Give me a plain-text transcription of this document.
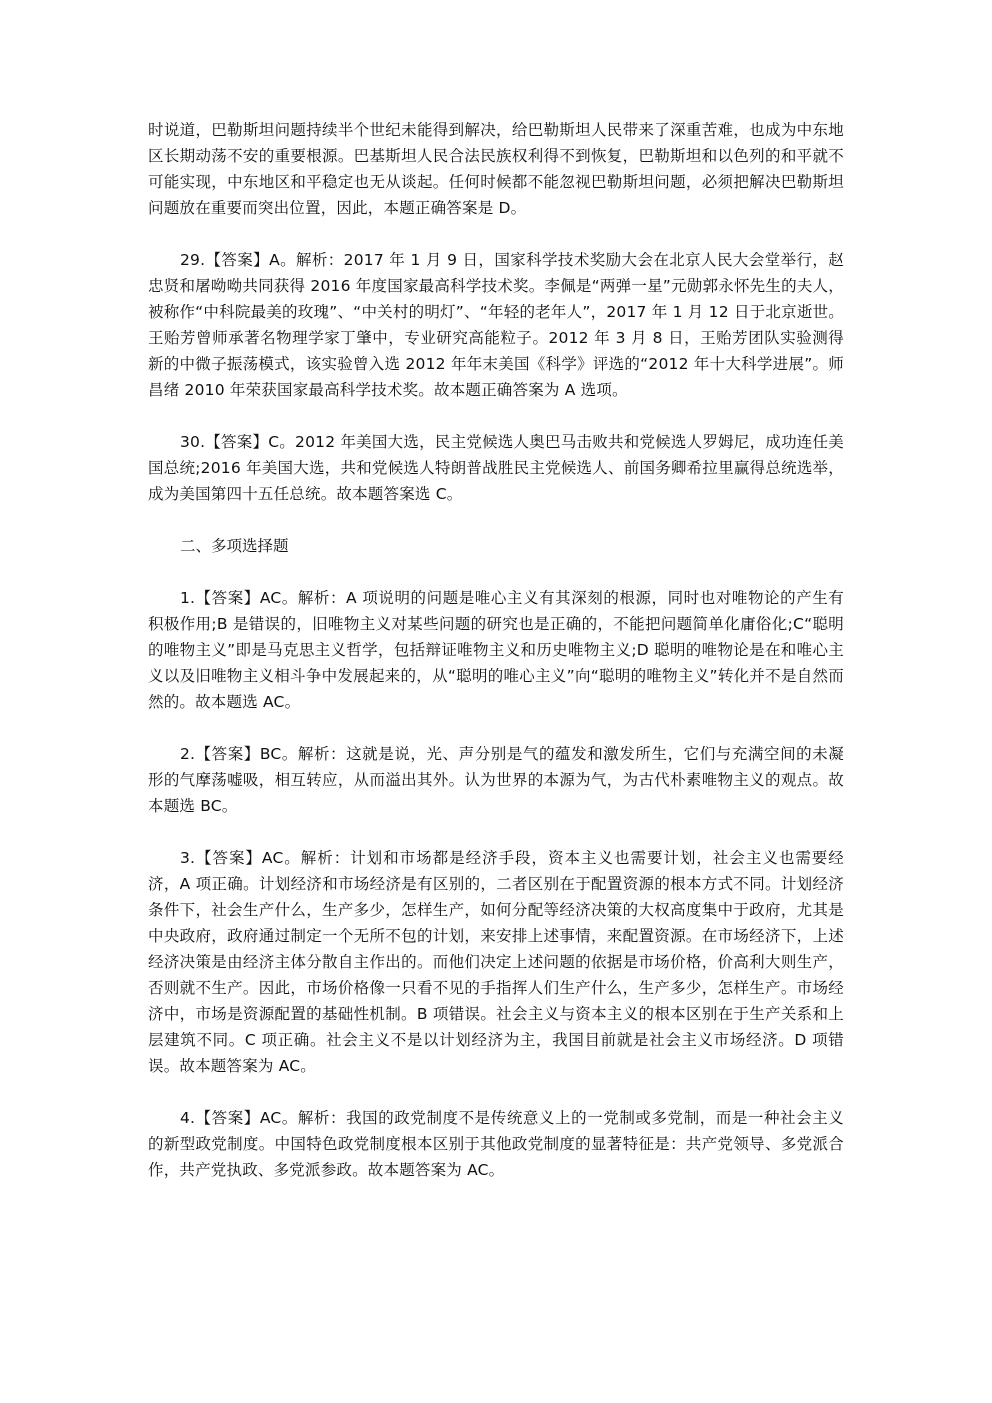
时说道，巴勒斯坦问题持续半个世纪未能得到解决，给巴勒斯坦人民带来了深重苦难，也成为中东地区长期动荡不安的重要根源。巴基斯坦人民合法民族权利得不到恢复，巴勒斯坦和以色列的和平就不可能实现，中东地区和平稳定也无从谈起。任何时候都不能忽视巴勒斯坦问题，必须把解决巴勒斯坦问题放在重要而突出位置，因此，本题正确答案是 D。

29.【答案】A。解析：2017 年 1 月 9 日，国家科学技术奖励大会在北京人民大会堂举行，赵忠贤和屠呦呦共同获得 2016 年度国家最高科学技术奖。李佩是“两弹一星”元勋郭永怀先生的夫人，被称作“中科院最美的玫瑰”、“中关村的明灯”、“年轻的老年人”，2017 年 1 月 12 日于北京逝世。王贻芳曾师承著名物理学家丁肇中，专业研究高能粒子。2012 年 3 月 8 日，王贻芳团队实验测得新的中微子振荡模式，该实验曾入选 2012 年年末美国《科学》评选的“2012 年十大科学进展”。师昌绪 2010 年荣获国家最高科学技术奖。故本题正确答案为 A 选项。

30.【答案】C。2012 年美国大选，民主党候选人奥巴马击败共和党候选人罗姆尼，成功连任美国总统;2016 年美国大选，共和党候选人特朗普战胜民主党候选人、前国务卿希拉里赢得总统选举，成为美国第四十五任总统。故本题答案选 C。

二、多项选择题

1.【答案】AC。解析：A 项说明的问题是唯心主义有其深刻的根源，同时也对唯物论的产生有积极作用;B 是错误的，旧唯物主义对某些问题的研究也是正确的，不能把问题简单化庸俗化;C“聪明的唯物主义”即是马克思主义哲学，包括辩证唯物主义和历史唯物主义;D 聪明的唯物论是在和唯心主义以及旧唯物主义相斗争中发展起来的，从“聪明的唯心主义”向“聪明的唯物主义”转化并不是自然而然的。故本题选 AC。

2.【答案】BC。解析：这就是说，光、声分别是气的蕴发和激发所生，它们与充满空间的未凝形的气摩荡嘘吸，相互转应，从而溢出其外。认为世界的本源为气，为古代朴素唯物主义的观点。故本题选 BC。

3.【答案】AC。解析：计划和市场都是经济手段，资本主义也需要计划，社会主义也需要经济，A 项正确。计划经济和市场经济是有区别的，二者区别在于配置资源的根本方式不同。计划经济条件下，社会生产什么，生产多少，怎样生产，如何分配等经济决策的大权高度集中于政府，尤其是中央政府，政府通过制定一个无所不包的计划，来安排上述事情，来配置资源。在市场经济下，上述经济决策是由经济主体分散自主作出的。而他们决定上述问题的依据是市场价格，价高利大则生产，否则就不生产。因此，市场价格像一只看不见的手指挥人们生产什么，生产多少，怎样生产。市场经济中，市场是资源配置的基础性机制。B 项错误。社会主义与资本主义的根本区别在于生产关系和上层建筑不同。C 项正确。社会主义不是以计划经济为主，我国目前就是社会主义市场经济。D 项错误。故本题答案为 AC。

4.【答案】AC。解析：我国的政党制度不是传统意义上的一党制或多党制，而是一种社会主义的新型政党制度。中国特色政党制度根本区别于其他政党制度的显著特征是：共产党领导、多党派合作，共产党执政、多党派参政。故本题答案为 AC。
